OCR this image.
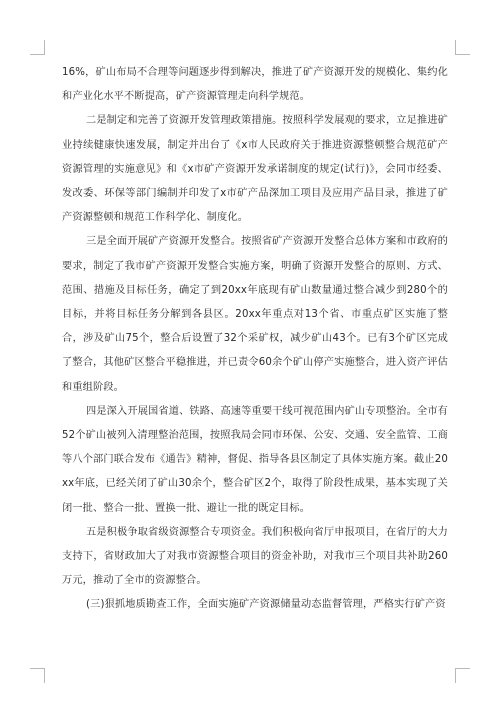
16%，矿山布局不合理等问题逐步得到解决，推进了矿产资源开发的规模化、集约化和产业化水平不断提高，矿产资源管理走向科学规范。

二是制定和完善了资源开发管理政策措施。按照科学发展观的要求，立足推进矿业持续健康快速发展，制定并出台了《x市人民政府关于推进资源整顿整合规范矿产资源管理的实施意见》和《x市矿产资源开发承诺制度的规定(试行)》，会同市经委、发改委、环保等部门编制并印发了x市矿产品深加工项目及应用产品目录，推进了矿产资源整顿和规范工作科学化、制度化。

三是全面开展矿产资源开发整合。按照省矿产资源开发整合总体方案和市政府的要求，制定了我市矿产资源开发整合实施方案，明确了资源开发整合的原则、方式、范围、措施及目标任务，确定了到20xx年底现有矿山数量通过整合减少到280个的目标，并将目标任务分解到各县区。20xx年重点对13个省、市重点矿区实施了整合，涉及矿山75个，整合后设置了32个采矿权，减少矿山43个。已有3个矿区完成了整合，其他矿区整合平稳推进，并已责令60余个矿山停产实施整合，进入资产评估和重组阶段。

四是深入开展国省道、铁路、高速等重要干线可视范围内矿山专项整治。全市有52个矿山被列入清理整治范围，按照我局会同市环保、公安、交通、安全监管、工商等八个部门联合发布《通告》精神，督促、指导各县区制定了具体实施方案。截止20xx年底，已经关闭了矿山30余个，整合矿区2个，取得了阶段性成果，基本实现了关闭一批、整合一批、置换一批、避让一批的既定目标。

五是积极争取省级资源整合专项资金。我们积极向省厅申报项目，在省厅的大力支持下，省财政加大了对我市资源整合项目的资金补助，对我市三个项目共补助260万元，推动了全市的资源整合。

(三)狠抓地质勘查工作，全面实施矿产资源储量动态监督管理，严格实行矿产资
